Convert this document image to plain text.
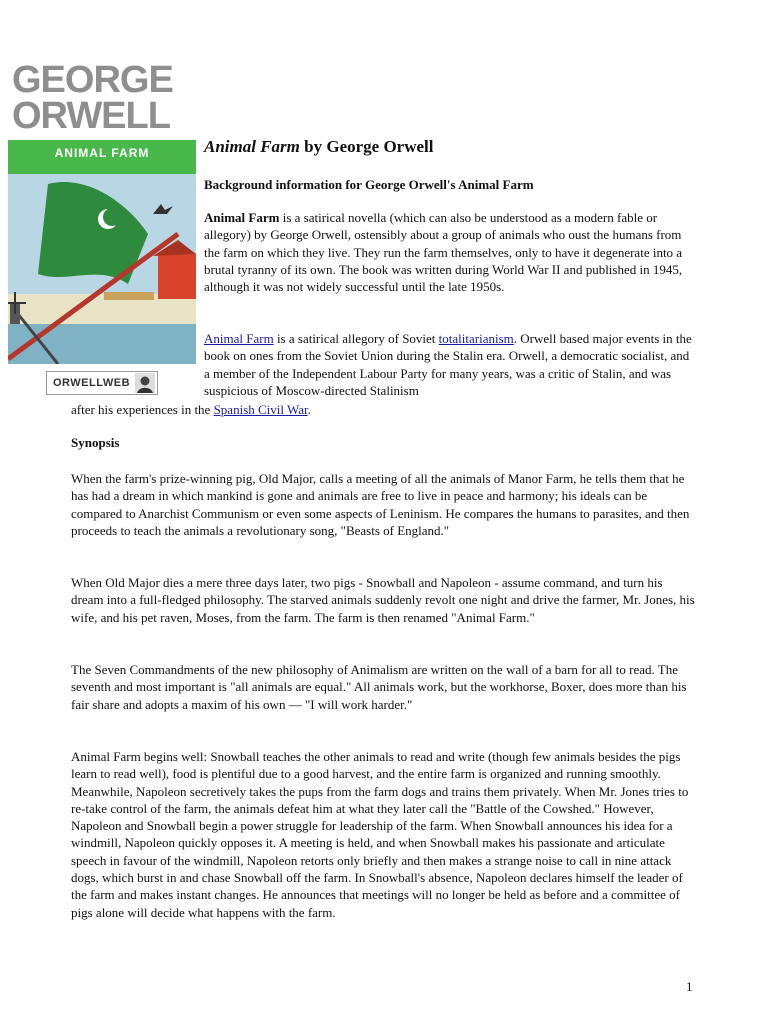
GEORGE
ORWELL
ANIMAL FARM
ORWELLWEB
Animal Farm by George Orwell
Background information for George Orwell's Animal Farm

Animal Farm is a satirical novella (which can also be understood as a modern fable or allegory) by George Orwell, ostensibly about a group of animals who oust the humans from the farm on which they live. They run the farm themselves, only to have it degenerate into a brutal tyranny of its own. The book was written during World War II and published in 1945, although it was not widely successful until the late 1950s.

Animal Farm is a satirical allegory of Soviet totalitarianism. Orwell based major events in the book on ones from the Soviet Union during the Stalin era. Orwell, a democratic socialist, and a member of the Independent Labour Party for many years, was a critic of Stalin, and was suspicious of Moscow-directed Stalinism

after his experiences in the Spanish Civil War.

Synopsis

When the farm's prize-winning pig, Old Major, calls a meeting of all the animals of Manor Farm, he tells them that he has had a dream in which mankind is gone and animals are free to live in peace and harmony; his ideals can be compared to Anarchist Communism or even some aspects of Leninism. He compares the humans to parasites, and then proceeds to teach the animals a revolutionary song, "Beasts of England."

When Old Major dies a mere three days later, two pigs - Snowball and Napoleon - assume command, and turn his dream into a full-fledged philosophy. The starved animals suddenly revolt one night and drive the farmer, Mr. Jones, his wife, and his pet raven, Moses, from the farm. The farm is then renamed "Animal Farm."

The Seven Commandments of the new philosophy of Animalism are written on the wall of a barn for all to read. The seventh and most important is "all animals are equal." All animals work, but the workhorse, Boxer, does more than his fair share and adopts a maxim of his own — "I will work harder."

Animal Farm begins well: Snowball teaches the other animals to read and write (though few animals besides the pigs learn to read well), food is plentiful due to a good harvest, and the entire farm is organized and running smoothly. Meanwhile, Napoleon secretively takes the pups from the farm dogs and trains them privately. When Mr. Jones tries to re-take control of the farm, the animals defeat him at what they later call the "Battle of the Cowshed." However, Napoleon and Snowball begin a power struggle for leadership of the farm. When Snowball announces his idea for a windmill, Napoleon quickly opposes it. A meeting is held, and when Snowball makes his passionate and articulate speech in favour of the windmill, Napoleon retorts only briefly and then makes a strange noise to call in nine attack dogs, which burst in and chase Snowball off the farm. In Snowball's absence, Napoleon declares himself the leader of the farm and makes instant changes. He announces that meetings will no longer be held as before and a committee of pigs alone will decide what happens with the farm.

1
